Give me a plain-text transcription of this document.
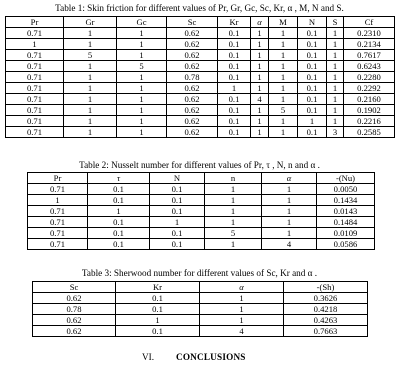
Table 1: Skin friction for different values of Pr, Gr, Gc, Sc, Kr, α , M, N and S.
Pr	Gr	Gc	Sc	Kr	α	M	N	S	Cf
0.71	1	1	0.62	0.1	1	1	0.1	1	0.2310
1	1	1	0.62	0.1	1	1	0.1	1	0.2134
0.71	5	1	0.62	0.1	1	1	0.1	1	0.7617
0.71	1	5	0.62	0.1	1	1	0.1	1	0.6243
0.71	1	1	0.78	0.1	1	1	0.1	1	0.2280
0.71	1	1	0.62	1	1	1	0.1	1	0.2292
0.71	1	1	0.62	0.1	4	1	0.1	1	0.2160
0.71	1	1	0.62	0.1	1	5	0.1	1	0.1902
0.71	1	1	0.62	0.1	1	1	1	1	0.2216
0.71	1	1	0.62	0.1	1	1	0.1	3	0.2585
Table 2: Nusselt number for different values of Pr, τ , N, n and α .
Pr	τ	N	n	α	-(Nu)
0.71	0.1	0.1	1	1	0.0050
1	0.1	0.1	1	1	0.1434
0.71	1	0.1	1	1	0.0143
0.71	0.1	1	1	1	0.1484
0.71	0.1	0.1	5	1	0.0109
0.71	0.1	0.1	1	4	0.0586
Table 3: Sherwood number for different values of Sc, Kr and α .
Sc	Kr	α	-(Sh)
0.62	0.1	1	0.3626
0.78	0.1	1	0.4218
0.62	1	1	0.4263
0.62	0.1	4	0.7663
VI. CONCLUSIONS
